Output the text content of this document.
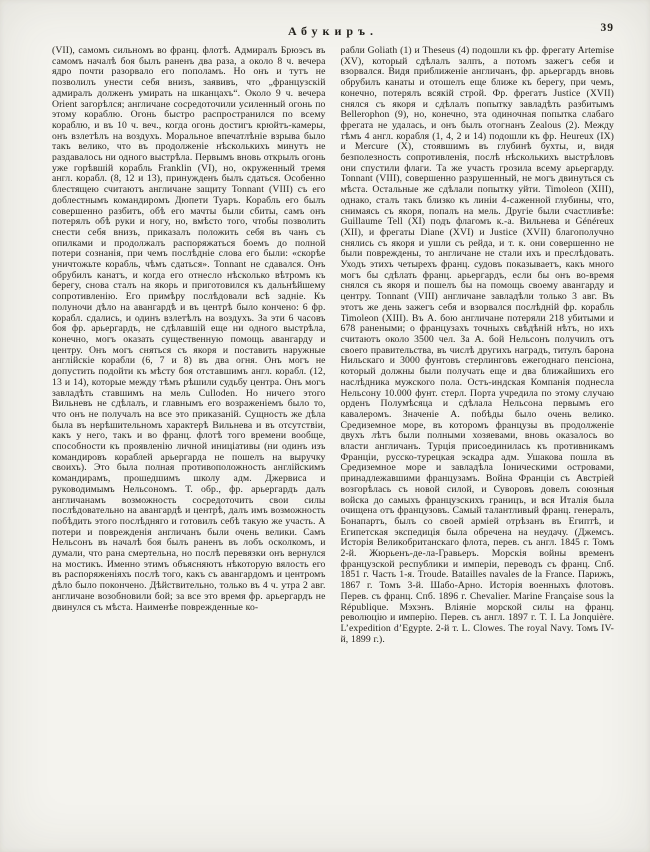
Абукиръ.	39
(VII), самомъ сильномъ во франц. флотѣ. Адмиралъ Брюэсъ въ самомъ началѣ боя былъ раненъ два раза, а около 8 ч. вечера ядро почти разорвало его пополамъ. Но онъ и тутъ не позволилъ унести себя внизъ, заявивъ, что „французскій адмиралъ долженъ умирать на шканцахъ“. Около 9 ч. вечера Orient загорѣлся; англичане сосредоточили усиленный огонь по этому кораблю. Огонь быстро распространился по всему кораблю, и въ 10 ч. веч., когда огонь достигъ крюйтъ-камеры, онъ взлетѣлъ на воздухъ. Моральное впечатлѣніе взрыва было такъ велико, что въ продолженіе нѣсколькихъ минутъ не раздавалось ни одного выстрѣла. Первымъ вновь открылъ огонь уже горѣвшій корабль Franklin (VI), но, окруженный тремя англ. корабл. (8, 12 и 13), принужденъ былъ сдаться. Особенно блестящею считаютъ англичане защиту Tonnant (VIII) съ его доблестнымъ командиромъ Дюпети Туаръ. Корабль его былъ совершенно разбитъ, обѣ его мачты были сбиты, самъ онъ потерялъ обѣ руки и ногу, но, вмѣсто того, чтобы позволить снести себя внизъ, приказалъ положить себя въ чанъ съ опилками и продолжалъ распоряжаться боемъ до полной потери сознанія, при чемъ послѣдніе слова его были: «скорѣе уничтожьте корабль, чѣмъ сдаться». Tonnant не сдавался. Онъ обрубилъ канатъ, и когда его отнесло нѣсколько вѣтромъ къ берегу, снова сталъ на якорь и приготовился къ дальнѣйшему сопротивленію. Его примѣру послѣдовали всѣ задніе. Къ полуночи дѣло на авангардѣ и въ центрѣ было кончено: 6 фр. корабл. сдались, и одинъ взлетѣлъ на воздухъ. За эти 6 часовъ боя фр. арьергардъ, не сдѣлавшій еще ни одного выстрѣла, конечно, могъ оказать существенную помощь авангарду и центру. Онъ могъ сняться съ якоря и поставить наружные англійскіе корабли (6, 7 и 8) въ два огня. Онъ могъ не допустить подойти къ мѣсту боя отставшимъ англ. корабл. (12, 13 и 14), которые между тѣмъ рѣшили судьбу центра. Онъ могъ завладѣть ставшимъ на мель Culloden. Но ничего этого Вильневъ не сдѣлалъ, и главнымъ его возраженіемъ было то, что онъ не получалъ на все это приказаній. Сущность же дѣла была въ нерѣшительномъ характерѣ Вильнева и въ отсутствіи, какъ у него, такъ и во франц. флотѣ того времени вообще, способности къ проявленію личной иниціативы (ни одинъ изъ командировъ кораблей арьергарда не пошелъ на выручку своихъ). Это была полная противоположность англійскимъ командирамъ, прошедшимъ школу адм. Джервиса и руководимымъ Нельсономъ. Т. обр., фр. арьергардъ далъ англичанамъ возможность сосредоточить свои силы послѣдовательно на авангардѣ и центрѣ, далъ имъ возможность побѣдить этого послѣдняго и готовилъ себѣ такую же участь. А потери и поврежденія англичанъ были очень велики. Самъ Нельсонъ въ началѣ боя былъ раненъ въ лобъ осколкомъ, и думали, что рана смертельна, но послѣ перевязки онъ вернулся на мостикъ. Именно этимъ объясняютъ нѣкоторую вялость его въ распоряженіяхъ послѣ того, какъ съ авангардомъ и центромъ дѣло было покончено. Дѣйствительно, только въ 4 ч. утра 2 авг. англичане возобновили бой; за все это время фр. арьергардъ не двинулся съ мѣста. Наименѣе поврежденные ко-
рабли Goliath (1) и Theseus (4) подошли къ фр. фрегату Artemise (XV), который сдѣлалъ залпъ, а потомъ зажегъ себя и взорвался. Видя приближеніе англичанъ, фр. арьергардъ вновь обрубилъ канаты и отошелъ еще ближе къ берегу, при чемъ, конечно, потерялъ всякій строй. Фр. фрегатъ Justice (XVII) снялся съ якоря и сдѣлалъ попытку завладѣть разбитымъ Bellerophon (9), но, конечно, эта одиночная попытка слабаго фрегата не удалась, и онъ былъ отогнанъ Zealous (2). Между тѣмъ 4 англ. корабля (1, 4, 2 и 14) подошли къ фр. Heureux (IX) и Mercure (X), стоявшимъ въ глубинѣ бухты, и, видя безполезность сопротивленія, послѣ нѣсколькихъ выстрѣловъ они спустили флаги. Та же участь грозила всему арьергарду. Tonnant (VIII), совершенно разрушенный, не могъ двинуться съ мѣста. Остальные же сдѣлали попытку уйти. Timoleon (XIII), однако, сталъ такъ близко къ линіи 4-саженной глубины, что, снимаясь съ якоря, попалъ на мель. Другіе были счастливѣе: Guillaume Tell (XI) подъ флагомъ к.-а. Вильнева и Généreux (XII), и фрегаты Diane (XVI) и Justice (XVII) благополучно снялись съ якоря и ушли съ рейда, и т. к. они совершенно не были повреждены, то англичане не стали ихъ и преслѣдовать. Уходъ этихъ четырехъ франц. судовъ показываетъ, какъ много могъ бы сдѣлать франц. арьергардъ, если бы онъ во-время снялся съ якоря и пошелъ бы на помощь своему авангарду и центру. Tonnant (VIII) англичане завладѣли только 3 авг. Въ этотъ же день зажегъ себя и взорвался послѣдній фр. корабль Timoleon (XIII). Въ А. бою англичане потеряли 218 убитыми и 678 ранеными; о французахъ точныхъ свѣдѣній нѣтъ, но ихъ считаютъ около 3500 чел. За А. бой Нельсонъ получилъ отъ своего правительства, въ числѣ другихъ наградъ, титулъ барона Нильскаго и 3000 фунтовъ стерлинговъ ежегоднаго пенсіона, который должны были получать еще и два ближайшихъ его наслѣдника мужского пола. Остъ-индская Компанія поднесла Нельсону 10.000 фунт. стерл. Порта учредила по этому случаю орденъ Полумѣсяца и сдѣлала Нельсона первымъ его кавалеромъ. Значеніе А. побѣды было очень велико. Средиземное море, въ которомъ французы въ продолженіе двухъ лѣтъ были полными хозяевами, вновь оказалось во власти англичанъ. Турція присоединилась къ противникамъ Франціи, русско-турецкая эскадра адм. Ушакова пошла въ Средиземное море и завладѣла Іоническими островами, принадлежавшими французамъ. Война Франціи съ Австріей возгорѣлась съ новой силой, и Суворовъ довелъ союзныя войска до самыхъ французскихъ границъ, и вся Италія была очищена отъ французовъ. Самый талантливый франц. генералъ, Бонапартъ, былъ со своей арміей отрѣзанъ въ Египтѣ, и Египетская экспедиція была обречена на неудачу. (Джемсъ. Исторія Великобританскаго флота, перев. съ англ. 1845 г. Томъ 2-й. Жюрьенъ-де-ла-Гравьеръ. Морскія войны временъ французской республики и имперіи, переводъ съ франц. Спб. 1851 г. Часть 1-я. Troude. Batailles navales de la France. Парижъ, 1867 г. Томъ 3-й. Шабо-Арно. Исторія военныхъ флотовъ. Перев. съ франц. Спб. 1896 г. Chevalier. Marine Française sous la République. Мэхэнъ. Вліяніе морской силы на франц. революцію и имперію. Перев. съ англ. 1897 г. Т. I. La Jonquière. L’expedition d’Egypte. 2-й т. L. Clowes. The royal Navy. Томъ IV-й, 1899 г.).
